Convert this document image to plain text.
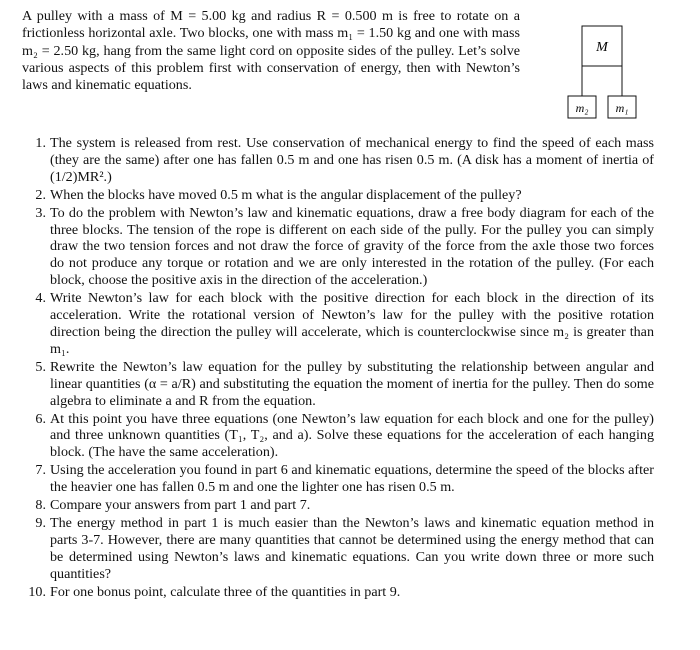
A pulley with a mass of M = 5.00 kg and radius R = 0.500 m is free to rotate on a frictionless horizontal axle. Two blocks, one with mass m₁ = 1.50 kg and one with mass m₂ = 2.50 kg, hang from the same light cord on opposite sides of the pulley. Let’s solve various aspects of this problem first with conservation of energy, then with Newton’s laws and kinematic equations.

M
m₂ m₁
1. The system is released from rest. Use conservation of mechanical energy to find the speed of each mass (they are the same) after one has fallen 0.5 m and one has risen 0.5 m. (A disk has a moment of inertia of (1/2)MR².)
2. When the blocks have moved 0.5 m what is the angular displacement of the pulley?
3. To do the problem with Newton’s law and kinematic equations, draw a free body diagram for each of the three blocks. The tension of the rope is different on each side of the pully. For the pulley you can simply draw the two tension forces and not draw the force of gravity of the force from the axle those two forces do not produce any torque or rotation and we are only interested in the rotation of the pulley. (For each block, choose the positive axis in the direction of the acceleration.)
4. Write Newton’s law for each block with the positive direction for each block in the direction of its acceleration. Write the rotational version of Newton’s law for the pulley with the positive rotation direction being the direction the pulley will accelerate, which is counterclockwise since m₂ is greater than m₁.
5. Rewrite the Newton’s law equation for the pulley by substituting the relationship between angular and linear quantities (α = a/R) and substituting the equation the moment of inertia for the pulley. Then do some algebra to eliminate a and R from the equation.
6. At this point you have three equations (one Newton’s law equation for each block and one for the pulley) and three unknown quantities (T₁, T₂, and a). Solve these equations for the acceleration of each hanging block. (The have the same acceleration).
7. Using the acceleration you found in part 6 and kinematic equations, determine the speed of the blocks after the heavier one has fallen 0.5 m and one the lighter one has risen 0.5 m.
8. Compare your answers from part 1 and part 7.
9. The energy method in part 1 is much easier than the Newton’s laws and kinematic equation method in parts 3-7. However, there are many quantities that cannot be determined using the energy method that can be determined using Newton’s laws and kinematic equations. Can you write down three or more such quantities?
10. For one bonus point, calculate three of the quantities in part 9.
